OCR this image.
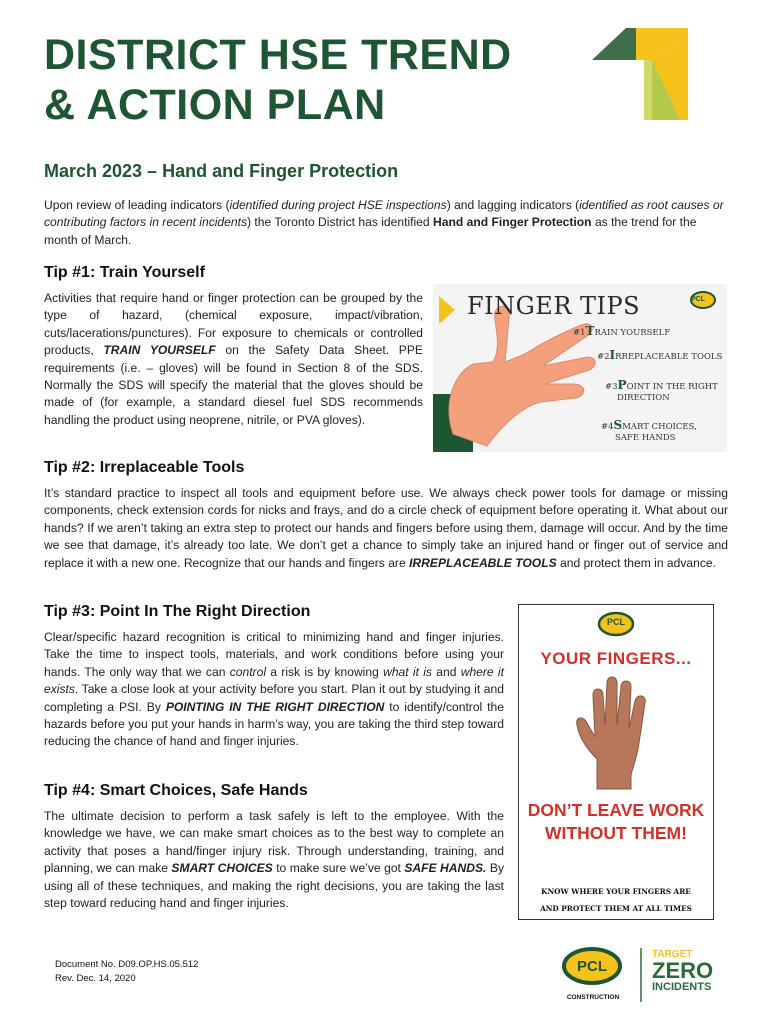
DISTRICT HSE TREND
& ACTION PLAN
March 2023 – Hand and Finger Protection
Upon review of leading indicators (identified during project HSE inspections) and lagging indicators (identified as root causes or contributing factors in recent incidents) the Toronto District has identified Hand and Finger Protection as the trend for the month of March.
Tip #1: Train Yourself
Activities that require hand or finger protection can be grouped by the type of hazard, (chemical exposure, impact/vibration, cuts/lacerations/punctures). For exposure to chemicals or controlled products, TRAIN YOURSELF on the Safety Data Sheet. PPE requirements (i.e. – gloves) will be found in Section 8 of the SDS. Normally the SDS will specify the material that the gloves should be made of (for example, a standard diesel fuel SDS recommends handling the product using neoprene, nitrile, or PVA gloves).
FINGER TIPS	PCL
#1TRAIN YOURSELF
#2IRREPLACEABLE TOOLS
#3POINT IN THE RIGHT
DIRECTION
#4SMART CHOICES,
SAFE HANDS
Tip #2: Irreplaceable Tools
It’s standard practice to inspect all tools and equipment before use. We always check power tools for damage or missing components, check extension cords for nicks and frays, and do a circle check of equipment before operating it. What about our hands? If we aren’t taking an extra step to protect our hands and fingers before using them, damage will occur. And by the time we see that damage, it’s already too late. We don’t get a chance to simply take an injured hand or finger out of service and replace it with a new one. Recognize that our hands and fingers are IRREPLACEABLE TOOLS and protect them in advance.
Tip #3: Point In The Right Direction
Clear/specific hazard recognition is critical to minimizing hand and finger injuries. Take the time to inspect tools, materials, and work conditions before using your hands. The only way that we can control a risk is by knowing what it is and where it exists. Take a close look at your activity before you start. Plan it out by studying it and completing a PSI. By POINTING IN THE RIGHT DIRECTION to identify/control the hazards before you put your hands in harm’s way, you are taking the third step toward reducing the chance of hand and finger injuries.
PCL
YOUR FINGERS...
DON’T LEAVE WORK WITHOUT THEM!
KNOW WHERE YOUR FINGERS ARE
AND PROTECT THEM AT ALL TIMES
Tip #4: Smart Choices, Safe Hands
The ultimate decision to perform a task safely is left to the employee. With the knowledge we have, we can make smart choices as to the best way to complete an activity that poses a hand/finger injury risk. Through understanding, training, and planning, we can make SMART CHOICES to make sure we’ve got SAFE HANDS. By using all of these techniques, and making the right decisions, you are taking the last step toward reducing hand and finger injuries.
Document No. D09.OP.HS.05.512
Rev. Dec. 14, 2020
PCL
CONSTRUCTION
TARGET
ZERO
INCIDENTS
